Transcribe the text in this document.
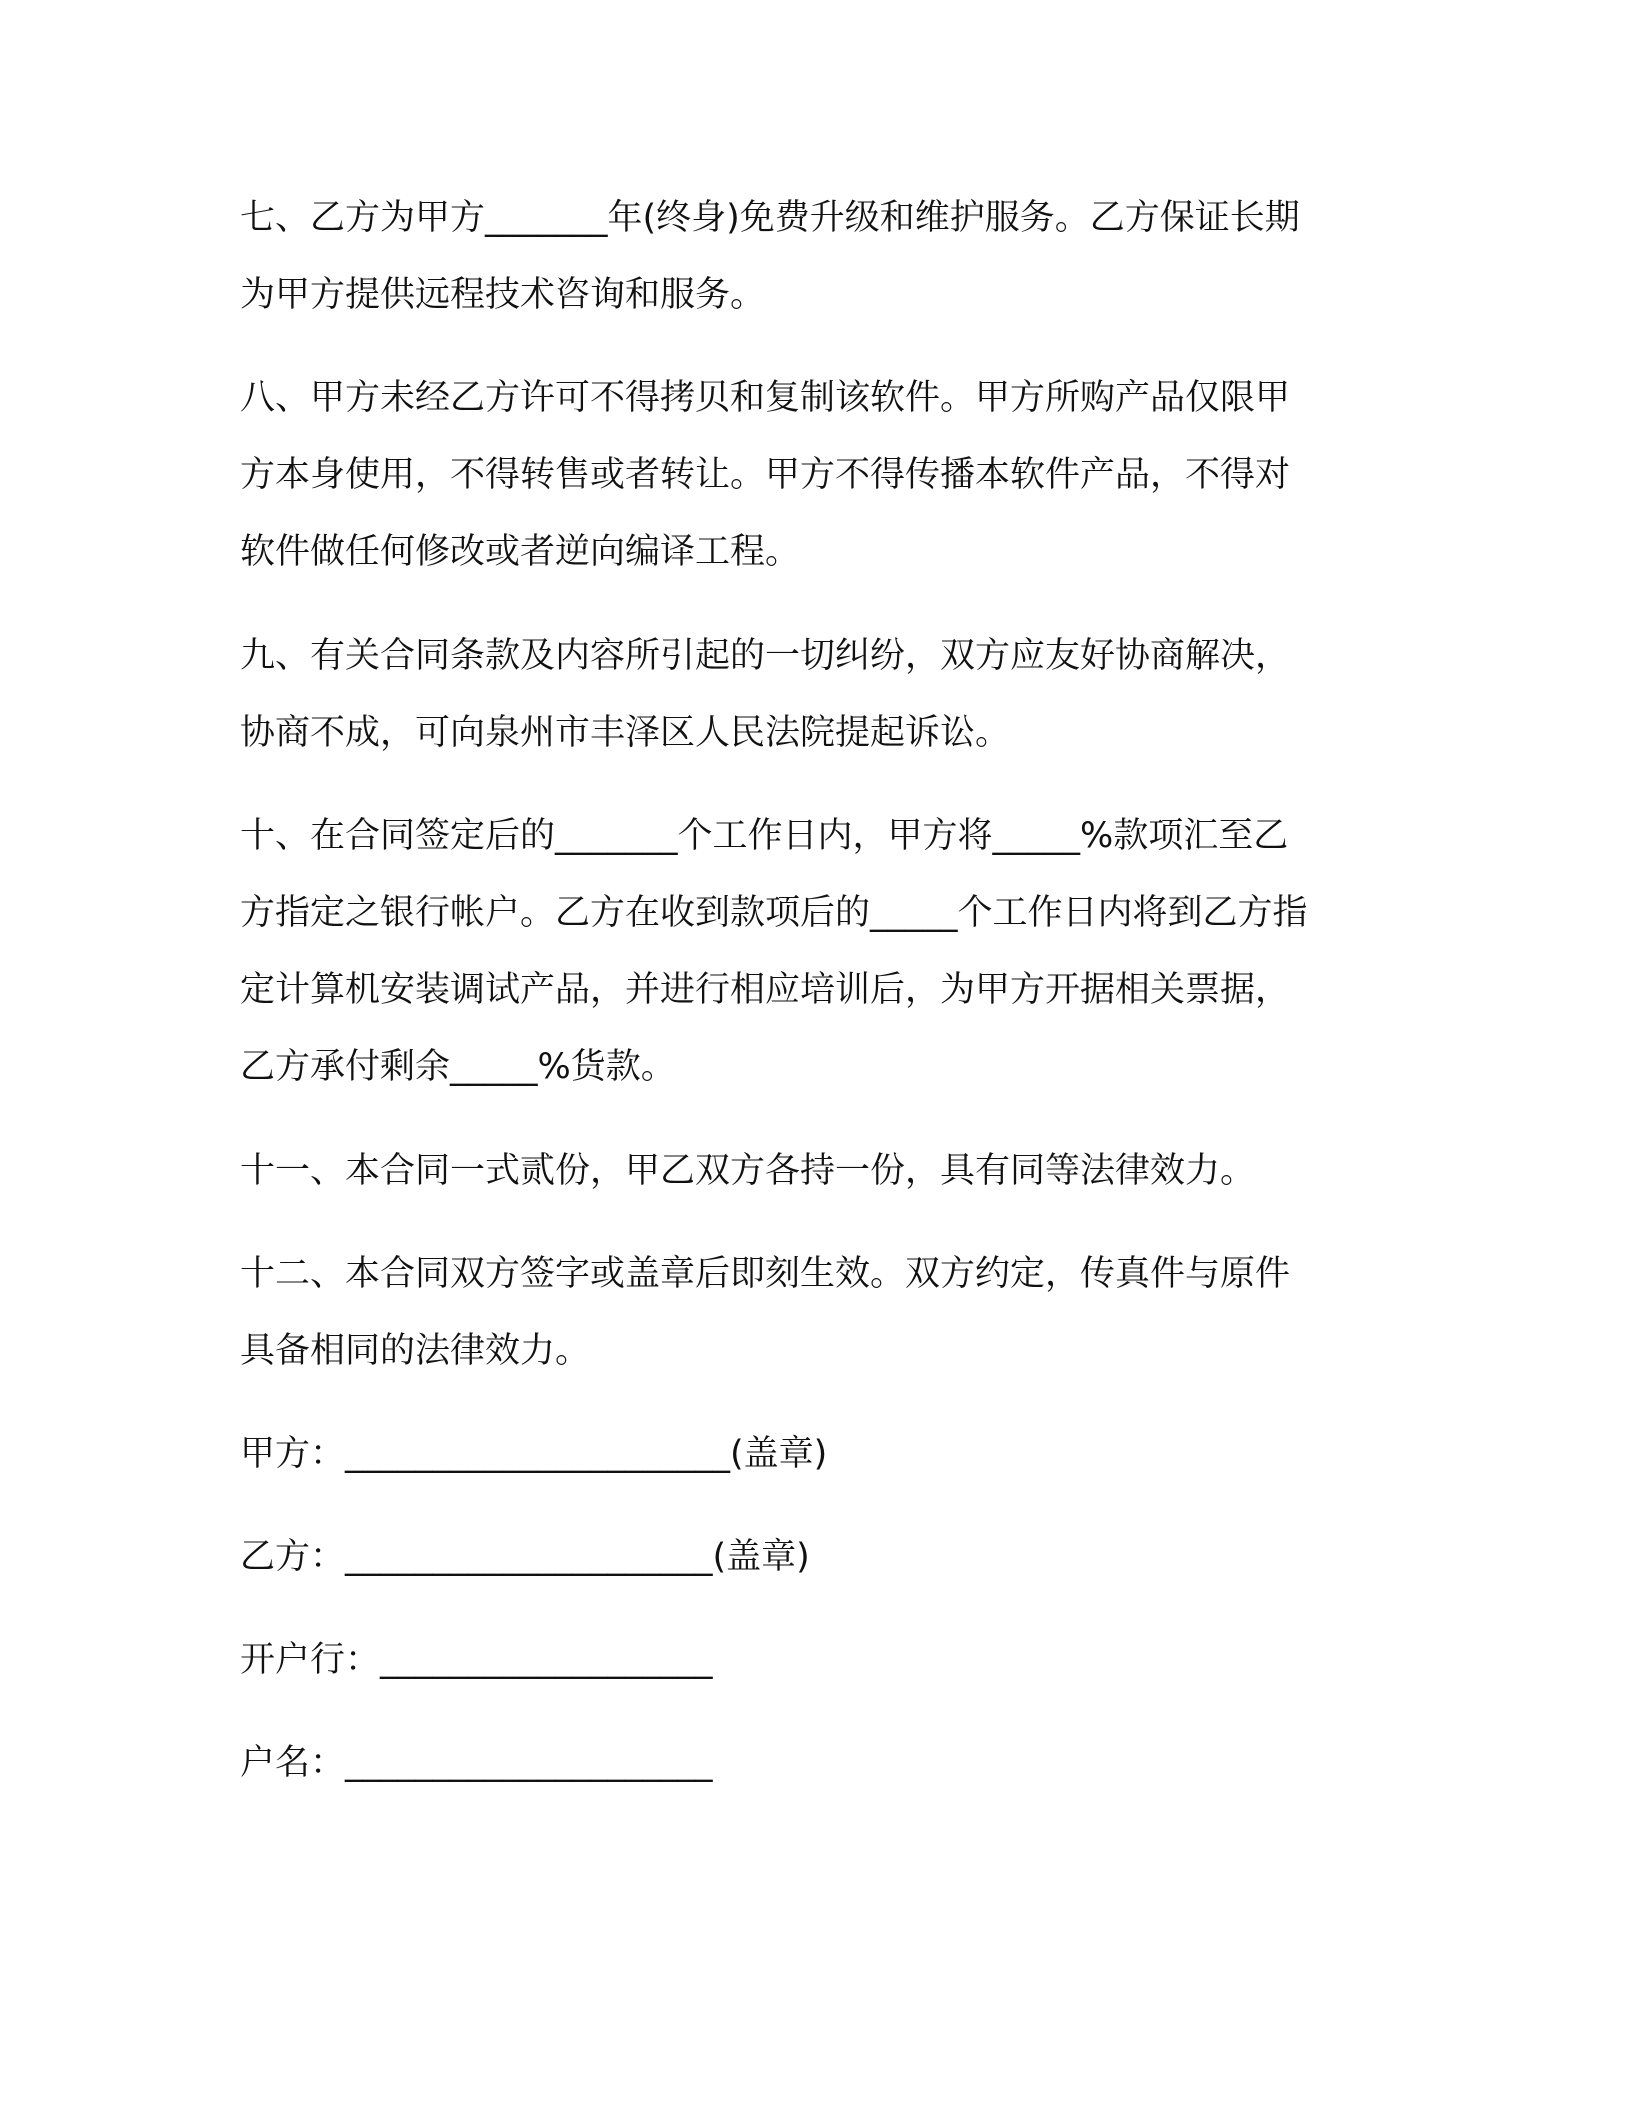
七、乙方为甲方_______年(终身)免费升级和维护服务。乙方保证长期
为甲方提供远程技术咨询和服务。
八、甲方未经乙方许可不得拷贝和复制该软件。甲方所购产品仅限甲
方本身使用，不得转售或者转让。甲方不得传播本软件产品，不得对
软件做任何修改或者逆向编译工程。
九、有关合同条款及内容所引起的一切纠纷，双方应友好协商解决，
协商不成，可向泉州市丰泽区人民法院提起诉讼。
十、在合同签定后的_______个工作日内，甲方将_____%款项汇至乙
方指定之银行帐户。乙方在收到款项后的_____个工作日内将到乙方指
定计算机安装调试产品，并进行相应培训后，为甲方开据相关票据，
乙方承付剩余_____%货款。
十一、本合同一式贰份，甲乙双方各持一份，具有同等法律效力。
十二、本合同双方签字或盖章后即刻生效。双方约定，传真件与原件
具备相同的法律效力。
甲方：______________________(盖章)
乙方：_____________________(盖章)
开户行：___________________
户名：_____________________
